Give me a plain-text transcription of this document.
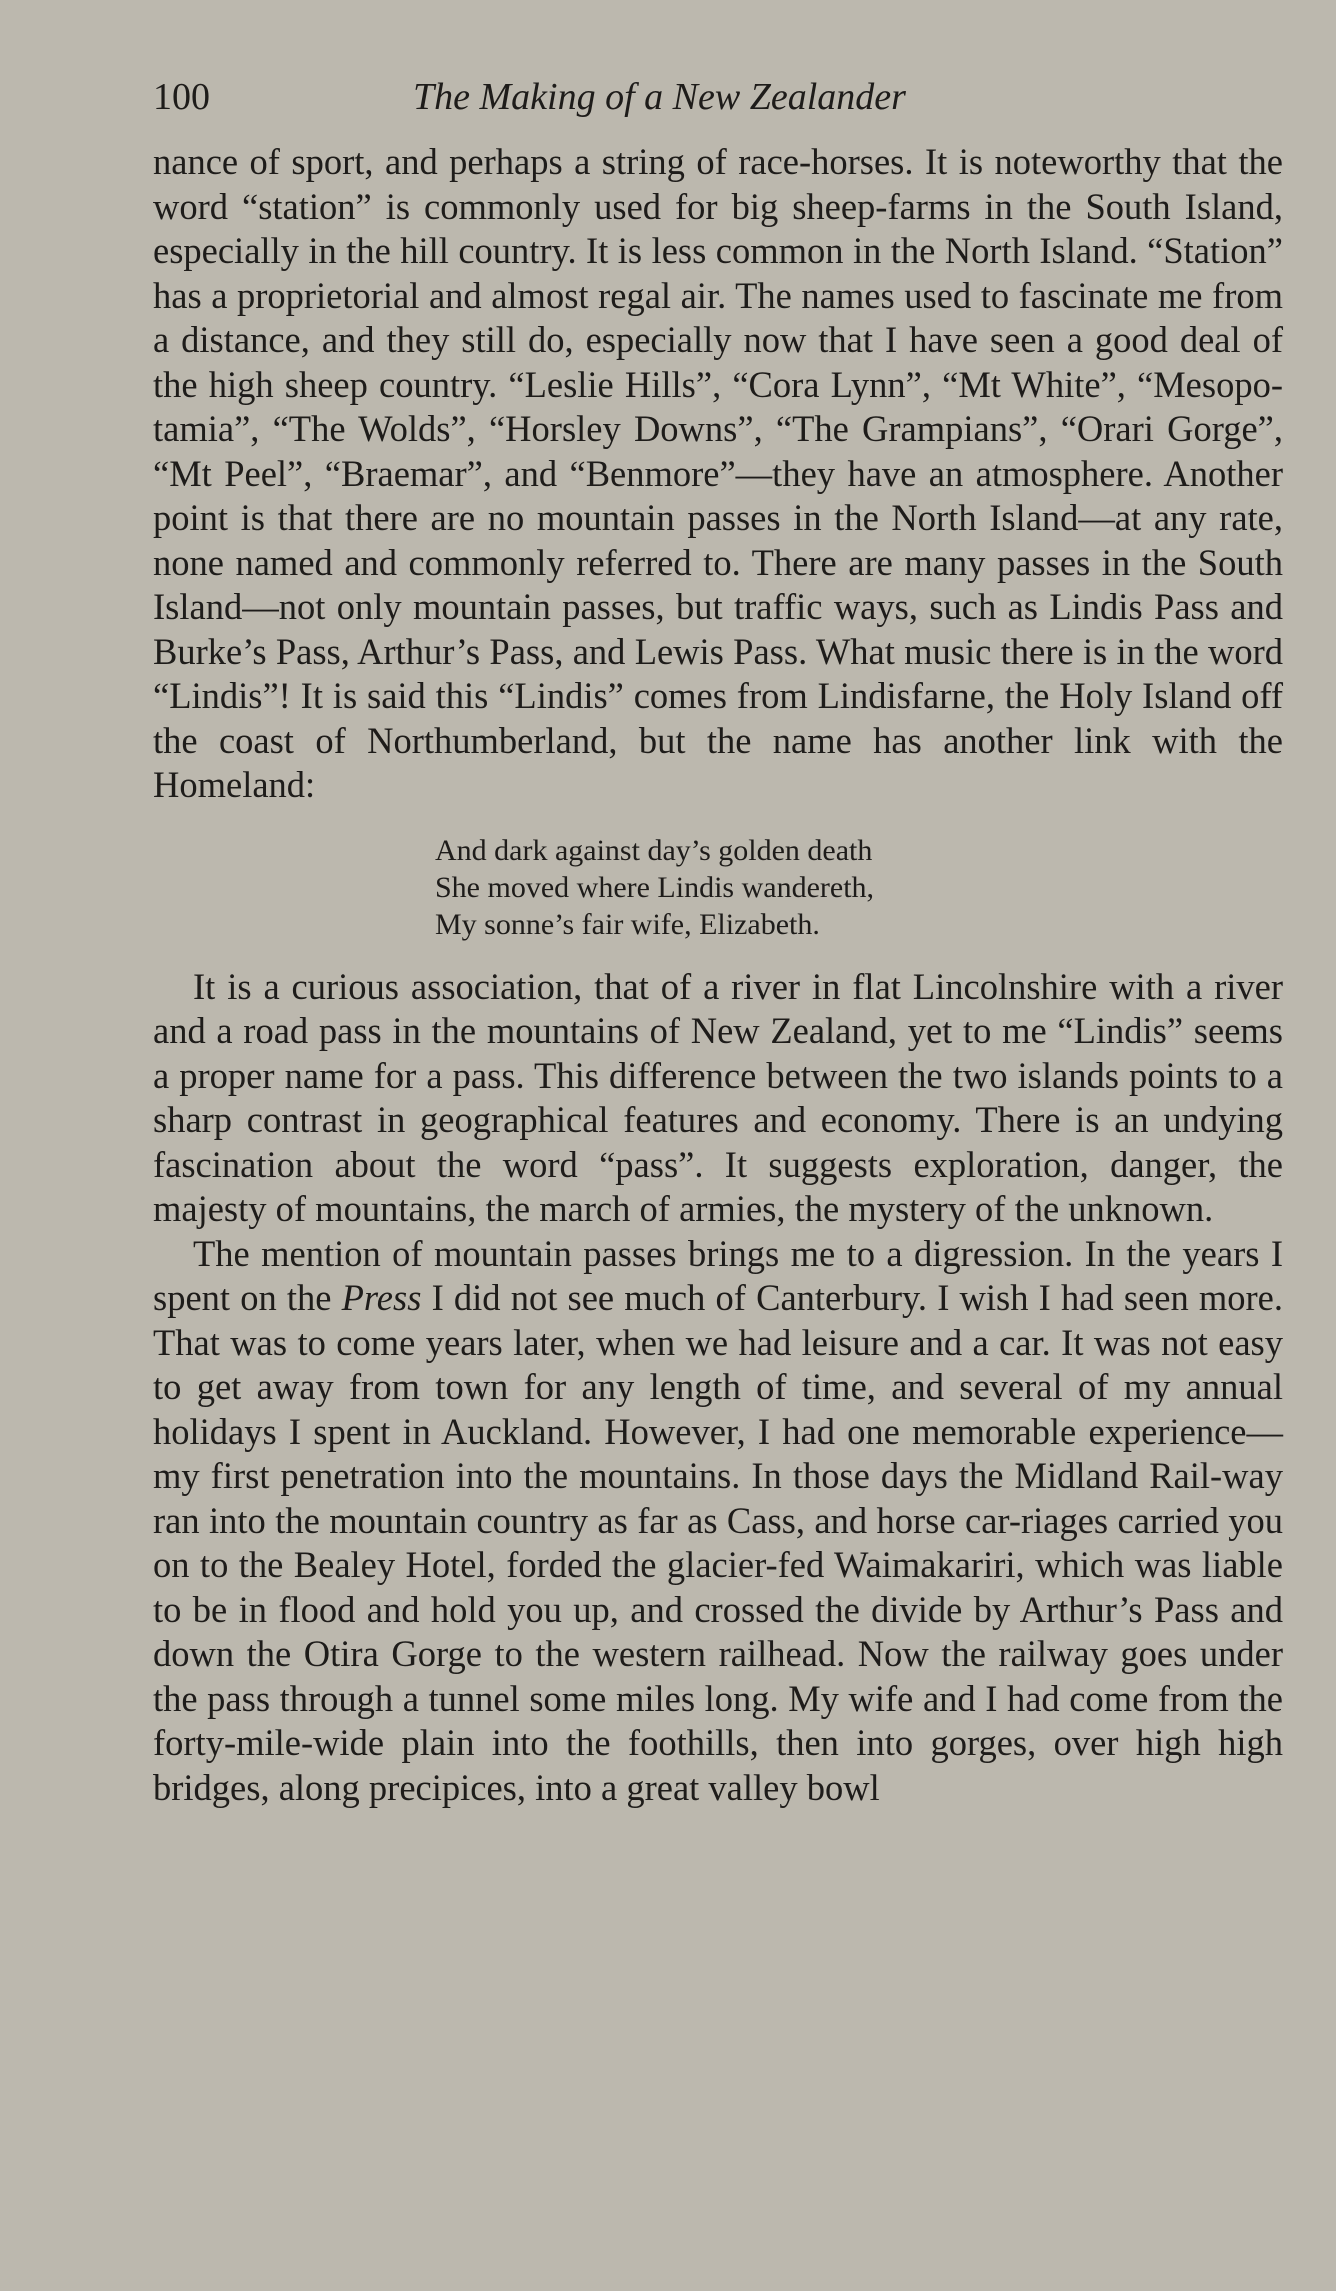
100	The Making of a New Zealander

nance of sport, and perhaps a string of race-horses. It is noteworthy that the word “station” is commonly used for big sheep-farms in the South Island, especially in the hill country. It is less common in the North Island. “Station” has a proprietorial and almost regal air. The names used to fascinate me from a distance, and they still do, especially now that I have seen a good deal of the high sheep country. “Leslie Hills”, “Cora Lynn”, “Mt White”, “Mesopo-tamia”, “The Wolds”, “Horsley Downs”, “The Grampians”, “Orari Gorge”, “Mt Peel”, “Braemar”, and “Benmore”—they have an atmosphere. Another point is that there are no mountain passes in the North Island—at any rate, none named and commonly referred to. There are many passes in the South Island—not only mountain passes, but traffic ways, such as Lindis Pass and Burke’s Pass, Arthur’s Pass, and Lewis Pass. What music there is in the word “Lindis”! It is said this “Lindis” comes from Lindisfarne, the Holy Island off the coast of Northumberland, but the name has another link with the Homeland:

And dark against day’s golden death
She moved where Lindis wandereth,
My sonne’s fair wife, Elizabeth.

It is a curious association, that of a river in flat Lincolnshire with a river and a road pass in the mountains of New Zealand, yet to me “Lindis” seems a proper name for a pass. This difference between the two islands points to a sharp contrast in geographical features and economy. There is an undying fascination about the word “pass”. It suggests exploration, danger, the majesty of mountains, the march of armies, the mystery of the unknown.

The mention of mountain passes brings me to a digression. In the years I spent on the Press I did not see much of Canterbury. I wish I had seen more. That was to come years later, when we had leisure and a car. It was not easy to get away from town for any length of time, and several of my annual holidays I spent in Auckland. However, I had one memorable experience—my first penetration into the mountains. In those days the Midland Rail-way ran into the mountain country as far as Cass, and horse car-riages carried you on to the Bealey Hotel, forded the glacier-fed Waimakariri, which was liable to be in flood and hold you up, and crossed the divide by Arthur’s Pass and down the Otira Gorge to the western railhead. Now the railway goes under the pass through a tunnel some miles long. My wife and I had come from the forty-mile-wide plain into the foothills, then into gorges, over high high bridges, along precipices, into a great valley bowl
